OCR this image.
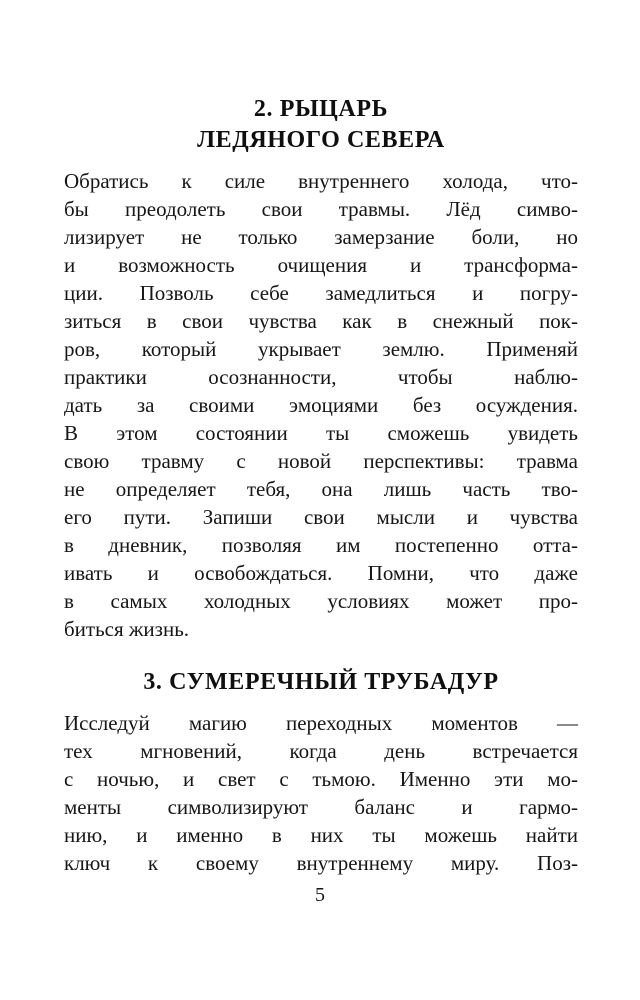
2. РЫЦАРЬ
ЛЕДЯНОГО СЕВЕРА
Обратись к силе внутреннего холода, что-
бы преодолеть свои травмы. Лёд симво-
лизирует не только замерзание боли, но
и возможность очищения и трансформа-
ции. Позволь себе замедлиться и погру-
зиться в свои чувства как в снежный пок-
ров, который укрывает землю. Применяй
практики осознанности, чтобы наблю-
дать за своими эмоциями без осуждения.
В этом состоянии ты сможешь увидеть
свою травму с новой перспективы: травма
не определяет тебя, она лишь часть тво-
его пути. Запиши свои мысли и чувства
в дневник, позволяя им постепенно отта-
ивать и освобождаться. Помни, что даже
в самых холодных условиях может про-
биться жизнь.
3. СУМЕРЕЧНЫЙ ТРУБАДУР
Исследуй магию переходных моментов —
тех мгновений, когда день встречается
с ночью, и свет с тьмою. Именно эти мо-
менты символизируют баланс и гармо-
нию, и именно в них ты можешь найти
ключ к своему внутреннему миру. Поз-
5
